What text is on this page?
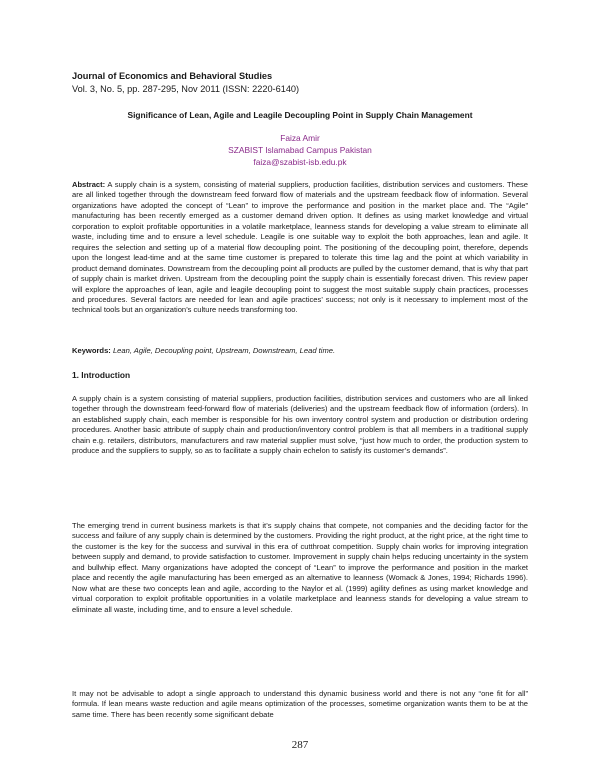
Journal of Economics and Behavioral Studies
Vol. 3, No. 5, pp. 287-295, Nov 2011 (ISSN: 2220-6140)
Significance of Lean, Agile and Leagile Decoupling Point in Supply Chain Management
Faiza Amir
SZABIST Islamabad Campus Pakistan
faiza@szabist-isb.edu.pk

Abstract: A supply chain is a system, consisting of material suppliers, production facilities, distribution services and customers. These are all linked together through the downstream feed forward flow of materials and the upstream feedback flow of information. Several organizations have adopted the concept of “Lean” to improve the performance and position in the market place and. The “Agile” manufacturing has been recently emerged as a customer demand driven option. It defines as using market knowledge and virtual corporation to exploit profitable opportunities in a volatile marketplace, leanness stands for developing a value stream to eliminate all waste, including time and to ensure a level schedule. Leagile is one suitable way to exploit the both approaches, lean and agile. It requires the selection and setting up of a material flow decoupling point. The positioning of the decoupling point, therefore, depends upon the longest lead-time and at the same time customer is prepared to tolerate this time lag and the point at which variability in product demand dominates. Downstream from the decoupling point all products are pulled by the customer demand, that is why that part of supply chain is market driven. Upstream from the decoupling point the supply chain is essentially forecast driven. This review paper will explore the approaches of lean, agile and leagile decoupling point to suggest the most suitable supply chain practices, processes and procedures. Several factors are needed for lean and agile practices’ success; not only is it necessary to implement most of the technical tools but an organization’s culture needs transforming too.

Keywords: Lean, Agile, Decoupling point, Upstream, Downstream, Lead time.
1. Introduction

A supply chain is a system consisting of material suppliers, production facilities, distribution services and customers who are all linked together through the downstream feed-forward flow of materials (deliveries) and the upstream feedback flow of information (orders). In an established supply chain, each member is responsible for his own inventory control system and production or distribution ordering procedures. Another basic attribute of supply chain and production/inventory control problem is that all members in a traditional supply chain e.g. retailers, distributors, manufacturers and raw material supplier must solve, “just how much to order, the production system to produce and the suppliers to supply, so as to facilitate a supply chain echelon to satisfy its customer’s demands”.

The emerging trend in current business markets is that it’s supply chains that compete, not companies and the deciding factor for the success and failure of any supply chain is determined by the customers. Providing the right product, at the right price, at the right time to the customer is the key for the success and survival in this era of cutthroat competition. Supply chain works for improving integration between supply and demand, to provide satisfaction to customer. Improvement in supply chain helps reducing uncertainty in the system and bullwhip effect. Many organizations have adopted the concept of “Lean” to improve the performance and position in the market place and recently the agile manufacturing has been emerged as an alternative to leanness (Womack & Jones, 1994; Richards 1996). Now what are these two concepts lean and agile, according to the Naylor et al. (1999) agility defines as using market knowledge and virtual corporation to exploit profitable opportunities in a volatile marketplace and leanness stands for developing a value stream to eliminate all waste, including time, and to ensure a level schedule.

It may not be advisable to adopt a single approach to understand this dynamic business world and there is not any “one fit for all” formula. If lean means waste reduction and agile means optimization of the processes, sometime organization wants them to be at the same time. There has been recently some significant debate

287
